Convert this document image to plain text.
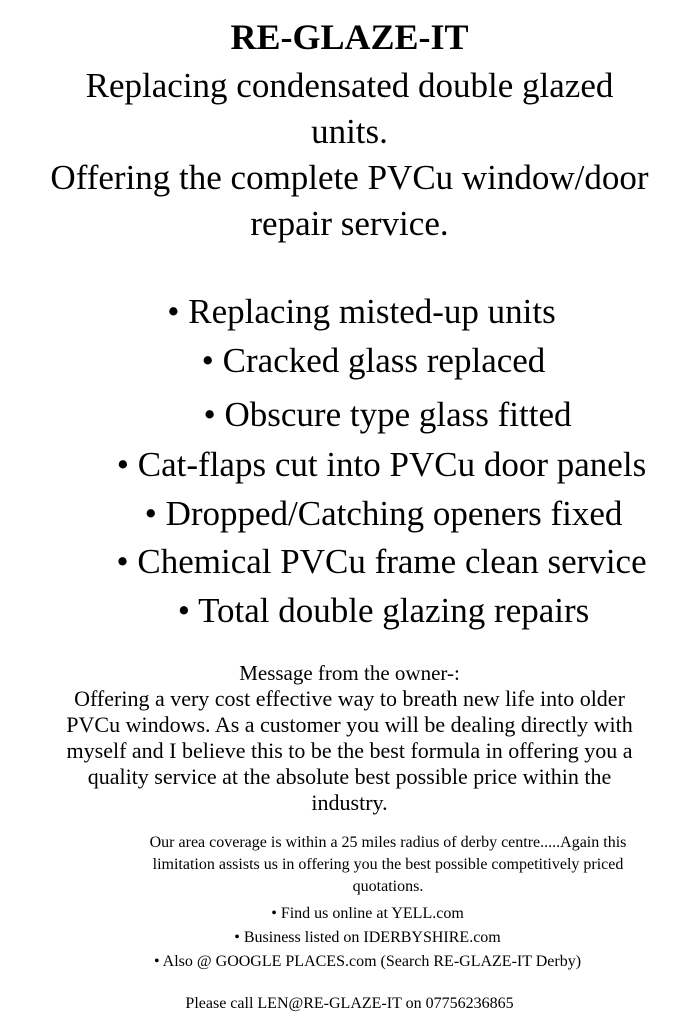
RE-GLAZE-IT
Replacing condensated double glazed
units.
Offering the complete PVCu window/door
repair service.
• Replacing misted-up units
• Cracked glass replaced
• Obscure type glass fitted
• Cat-flaps cut into PVCu door panels
• Dropped/Catching openers fixed
• Chemical PVCu frame clean service
• Total double glazing repairs
Message from the owner-:
Offering a very cost effective way to breath new life into older
PVCu windows. As a customer you will be dealing directly with
myself and I believe this to be the best formula in offering you a
quality service at the absolute best possible price within the
industry.
Our area coverage is within a 25 miles radius of derby centre.....Again this
limitation assists us in offering you the best possible competitively priced
quotations.
• Find us online at YELL.com
• Business listed on IDERBYSHIRE.com
• Also @ GOOGLE PLACES.com (Search RE-GLAZE-IT Derby)
Please call LEN@RE-GLAZE-IT on 07756236865
